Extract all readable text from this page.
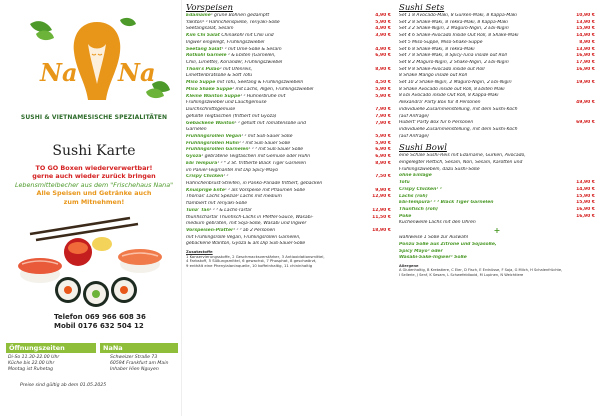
Na Na
SUSHI & VIETNAMESISCHE SPEZIALITÄTEN
Sushi Karte
TO GO Boxen wiederverwertbar!
gerne auch wieder zurück bringen
Lebensmittelbecher aus dem "Frischehaus Nana"
Alle Speisen und Getränke auch
zum Mitnehmen!
Telefon 069 966 608 36
Mobil 0176 632 504 12
Öffnungszeiten	NaNa
Di-So 11.30-22.00 Uhr
Küche bis 22.00 Uhr
Montag ist Ruhetag
Schweizer Straße 73
60594 Frankfurt am Main
Inhaber Hien Nguyen
Preise sind gültig ab dem 01.05.2025
Vorspeisen
Edamame¹ grüne Bohnen gedämpft	4,90 €
Yakitori¹ ² Hähnchenspieße, Teriyaki-Soße	5,90 €
Seetangsalat, Sesam	4,90 €
Kim Chi Salat Chinakohl mit Chili und	3,90 €
Ingwer eingelegt, Frühlingszwiebel
Seetang Salat¹ ² mit Ume-Soße & Sesam	4,90 €
Rotkohl Garnele ² & Ebiten (Garnelen,	6,90 €
Chili, Limette), Koriander, Frühlingszwiebel
Thom's Pulao² mit Ofenreis,	8,90 €
Limettenbratsoße & Soft Tofu
Miso Suppe mit Tofu, Seetang & Frühlingszwiebeln	4,50 €
Miso Shake Suppe² mit Lachs, Algen, Frühlingszwiebel	5,90 €
Kleine Wanton Suppe¹ ² Hühnerbrühe mit	5,90 €
Frühlingszwiebel und Lauchgemüse
Durchschnittsgemüse	7,90 €
gefüllte Teigtaschen (frittiert mit Gyoza)	7,90 €
Gebackene Wanton¹ ² gefüllt mit Tomatensoße und	7,90 €
Garnelen
Frühlingsrollen Vegan¹ ² mit Süß-Sauer Soße	5,90 €
Frühlingsrollen Huhn¹ ² mit Süß-Sauer Soße	5,90 €
Frühlingsrollen Garnelen¹ ² ³ mit Süß-Sauer Soße	6,90 €
Gyoza¹ gebratene Teigtaschen mit Gemüse oder Huhn	6,90 €
Ebi Tempura¹ ² ⁴ 3 St. frittierte Black Tiger Garnelen	8,90 €
im Panier-Teigmantel mit Dip Spicy-Mayo
Crispy Chicken¹ ²	7,50 €
Hähnchenbrust-Streifen, in Panko-Panade frittiert, gebacken
Knusprige Ente¹ ² als Vorspeise mit Pflaumen Soße	9,90 €
Thomas' Lachs Spezial² Lachs mit medium	12,90 €
flambiert mit Teriyaki-Soße
Tuna' Tan¹ ² ³ & Lachs-Tartar	12,90 €
thunfischartar Thunfisch-Lachs in Pfeffer-Sauce, Wasabi-	11,50 €
medium gebraten, mit Soja-Soße, Wasabi und Ingwer
Vorspeisen-Platter¹ ² ³ ab 2 Personen	18,90 €
mit Frühlingsrolle Vegan, Frühlingsrollen Garnelen,
gebackene Wanton, Gyoza & als Dip Süß-Sauer-Soße
Zusatzstoffe
1 Konservierungsstoffe, 2 Geschmacksverstärker, 3 Antioxidationsmittel,
4 Farbstoff, 5 Süßungsmittel, 6 gewachst, 7 Phosphat, 8 geschwärzt,
9 enthält eine Phenylalaninquelle, 10 koffeinhaltig, 11 chininhaltig
Sushi Sets
Set 1 8 Avocado-Maki, 8 Gurken-Maki, 8 Kappa-Maki	10,90 €
Set 2 8 Shake-Maki, 8 Tekka-Maki, 8 Kappa-Maki	13,90 €
Set 3 2 Shake-Nigiri, 2 Maguro-Nigiri, 2 Ebi-Nigiri	15,90 €
Set 4 6 Shake-Avocado Inside Out Roll, 8 Shake-Maki	14,90 €
Set 5 Miso-Suppe, Miso-Shake-Suppe	8,90 €
Set 6 8 Shake-Maki, 8 Tekka-Maki	13,90 €
Set 7 8 Shake-Maki, 8 Spicy-Tuna inside out Roll	16,90 €
Set 8 2 Maguro-Nigiri, 2 Shake-Nigiri, 2 Ebi-Nigiri	17,90 €
Set 9 8 Shake-Avocado inside out Roll	16,90 €
8 Shake Mango inside out Roll
Set 10 2 Shake-Nigiri, 2 Maguro-Nigiri, 2 Ebi-Nigiri	19,90 €
8 Shake Avocado inside out Roll, 8 Ebiten Maki
8 Ebi Avocado inside Out Roll, 8 Kappa-Maki
Alexandra' Party Box für 4 Personen	49,90 €
individuelle Zusammenstellung, mit dem Sushi-Koch
(auf Anfrage)
Hubert' Party Box für 6 Personen	69,90 €
individuelle Zusammenstellung, mit dem Sushi-Koch
(auf Anfrage)
Sushi Bowl
eine Schale Sushi-Reis mit Edamame, Gurken, Avocado,
eingelegter Rettich, Sesam, Nori, Sesam, Karotten und
Frühlingszwiebeln, dazu Sushi-Soße
ohne Einlage
Tofu	13,90 €
Crispy Chicken¹ ²	14,90 €
Lachs (roh)	15,90 €
Ebi-Tempura¹ ² ³ Black Tiger Garnelen	15,90 €
Thunfisch (roh)	16,90 €
Poke	16,90 €
Kuchenwelle Lachs mit den Ohren
+
wahlweise 1 Soße zur Auswahl
Ponzu Soße aus Zitrone und Sojasoße,
Spicy Mayo² oder
Wasabi-Sake-Ingwer² Soße
Allergene
A Glutenhaltig, B Krebstiere, C Eier, D Fisch, E Erdnüsse, F Soja, G Milch, H Schalenfrüchte,
I Sellerie, J Senf, K Sesam, L Schwefeldioxid, M Lupinen, N Weichtiere
